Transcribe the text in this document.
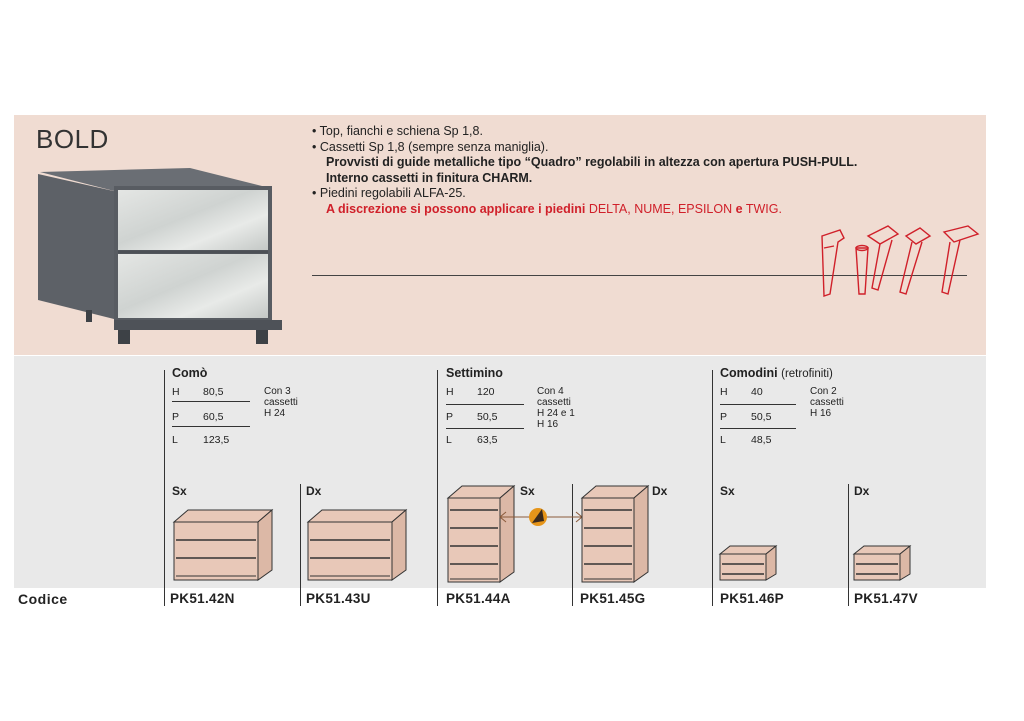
BOLD	• Top, fianchi e schiena Sp 1,8.
• Cassetti Sp 1,8 (sempre senza maniglia).
Provvisti di guide metalliche tipo “Quadro” regolabili in altezza con apertura PUSH-PULL.
Interno cassetti in finitura CHARM.
• Piedini regolabili ALFA-25.
A discrezione si possono applicare i piedini DELTA, NUME, EPSILON e TWIG.
Comò
H 80,5
P 60,5
L 123,5
Con 3
cassetti
H 24
Sx	Dx
Settimino
H 120
P 50,5
L 63,5
Con 4
cassetti
H 24 e 1
H 16
Sx	Dx
Comodini (retrofiniti)
H 40
P 50,5
L 48,5
Con 2
cassetti
H 16
Sx	Dx
Codice	PK51.42N	PK51.43U	PK51.44A	PK51.45G	PK51.46P	PK51.47V
